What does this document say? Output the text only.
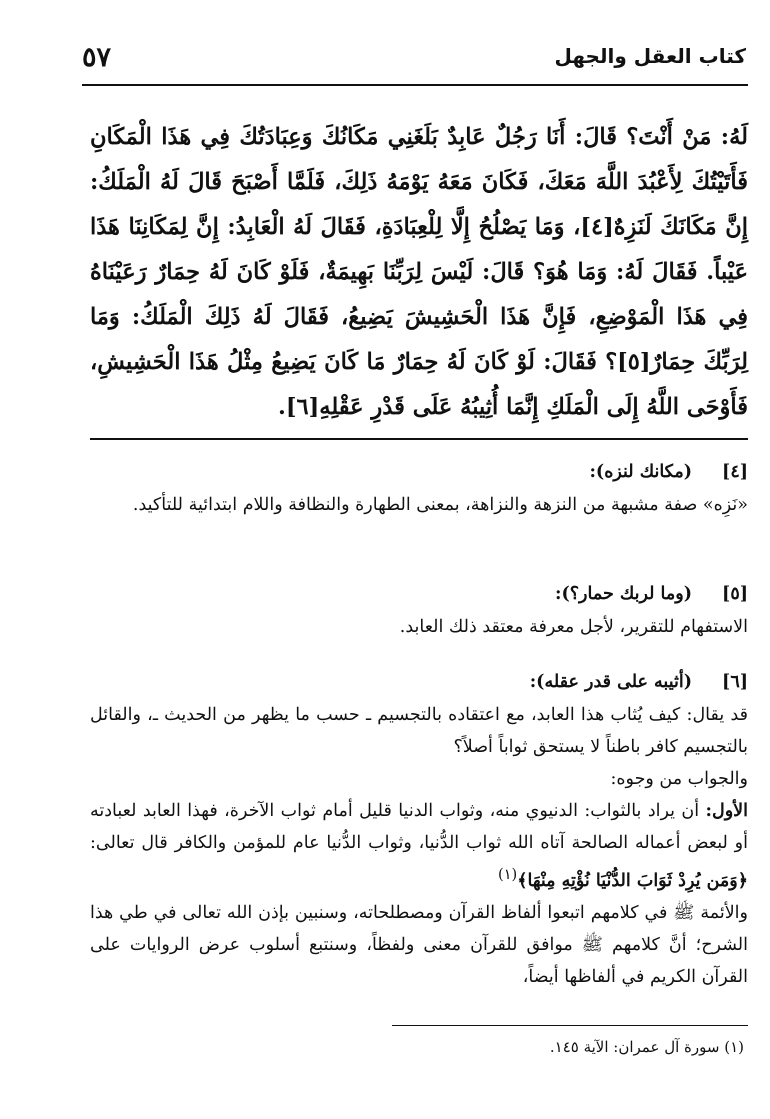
٥٧	كتاب العقل والجهل
لَهُ: مَنْ أَنْتَ؟ قَالَ: أَنَا رَجُلٌ عَابِدٌ بَلَغَنِي مَكَانُكَ وَعِبَادَتُكَ فِي هَذَا الْمَكَانِ فَأَتَيْتُكَ لِأَعْبُدَ اللَّهَ مَعَكَ، فَكَانَ مَعَهُ يَوْمَهُ ذَلِكَ، فَلَمَّا أَصْبَحَ قَالَ لَهُ الْمَلَكُ: إِنَّ مَكَانَكَ لَنَزِهٌ[٤]، وَمَا يَصْلُحُ إِلَّا لِلْعِبَادَةِ، فَقَالَ لَهُ الْعَابِدُ: إِنَّ لِمَكَانِنَا هَذَا عَيْباً. فَقَالَ لَهُ: وَمَا هُوَ؟ قَالَ: لَيْسَ لِرَبِّنَا بَهِيمَةٌ، فَلَوْ كَانَ لَهُ حِمَارٌ رَعَيْنَاهُ فِي هَذَا الْمَوْضِعِ، فَإِنَّ هَذَا الْحَشِيشَ يَضِيعُ، فَقَالَ لَهُ ذَلِكَ الْمَلَكُ: وَمَا لِرَبِّكَ حِمَارٌ[٥]؟ فَقَالَ: لَوْ كَانَ لَهُ حِمَارٌ مَا كَانَ يَضِيعُ مِثْلُ هَذَا الْحَشِيشِ، فَأَوْحَى اللَّهُ إِلَى الْمَلَكِ إِنَّمَا أُثِيبُهُ عَلَى قَدْرِ عَقْلِهِ[٦].
[٤]
(مكانك لنزه):
«نَزِه» صفة مشبهة من النزهة والنزاهة، بمعنى الطهارة والنظافة واللام ابتدائية للتأكيد.
[٥]
(وما لربك حمار؟):
الاستفهام للتقرير، لأجل معرفة معتقد ذلك العابد.
[٦]
(أثيبه على قدر عقله):

قد يقال: كيف يُثاب هذا العابد، مع اعتقاده بالتجسيم ـ حسب ما يظهر من الحديث ـ، والقائل بالتجسيم كافر باطناً لا يستحق ثواباً أصلاً؟

والجواب من وجوه:

الأول: أن يراد بالثواب: الدنيوي منه، وثواب الدنيا قليل أمام ثواب الآخرة، فهذا العابد لعبادته أو لبعض أعماله الصالحة آتاه الله ثواب الدُّنيا، وثواب الدُّنيا عام للمؤمن والكافر قال تعالى: ﴿وَمَن يُرِدْ ثَوَابَ الدُّنْيَا نُؤْتِهِ مِنْهَا﴾$^{(١)}$

والأئمة ﷺ في كلامهم اتبعوا ألفاظ القرآن ومصطلحاته، وسنبين بإذن الله تعالى في طي هذا الشرح؛ أنَّ كلامهم ﷺ موافق للقرآن معنى ولفظاً، وسنتبع أسلوب عرض الروايات على القرآن الكريم في ألفاظها أيضاً،

(١) سورة آل عمران: الآية ١٤٥.
